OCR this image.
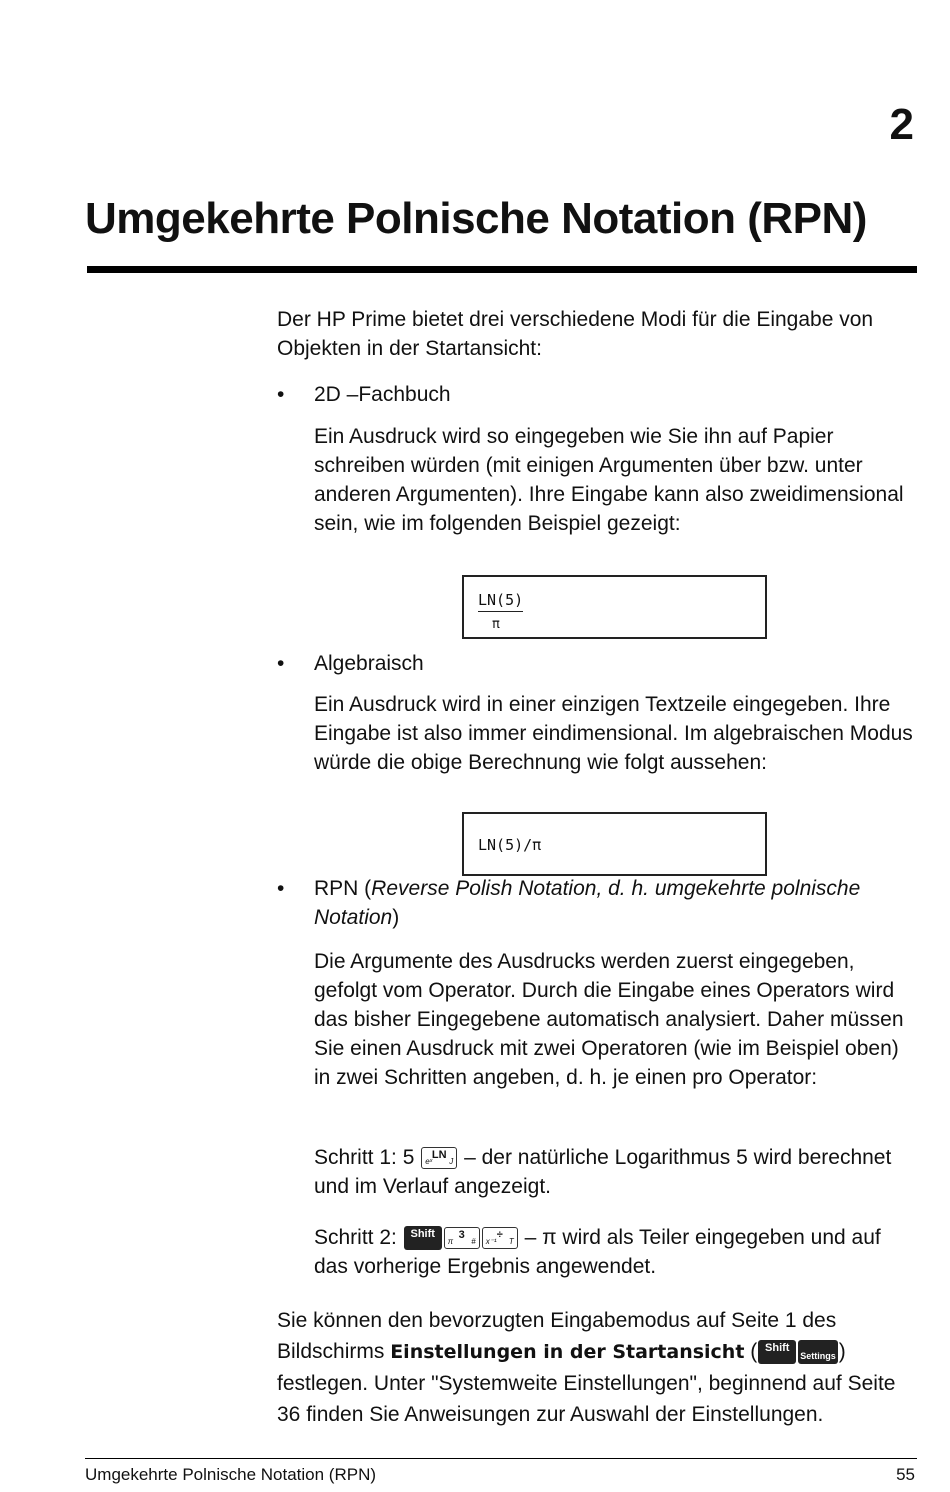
2
Umgekehrte Polnische Notation (RPN)

Der HP Prime bietet drei verschiedene Modi für die Eingabe von Objekten in der Startansicht:

• 2D –Fachbuch

Ein Ausdruck wird so eingegeben wie Sie ihn auf Papier schreiben würden (mit einigen Argumenten über bzw. unter anderen Argumenten). Ihre Eingabe kann also zweidimensional sein, wie im folgenden Beispiel gezeigt:

$\frac{LN(5)}{\pi}$
• Algebraisch

Ein Ausdruck wird in einer einzigen Textzeile eingegeben. Ihre Eingabe ist also immer eindimensional. Im algebraischen Modus würde die obige Berechnung wie folgt aussehen:

LN(5)/π
• RPN (Reverse Polish Notation, d. h. umgekehrte polnische Notation)

Die Argumente des Ausdrucks werden zuerst eingegeben, gefolgt vom Operator. Durch die Eingabe eines Operators wird das bisher Eingegebene automatisch analysiert. Daher müssen Sie einen Ausdruck mit zwei Operatoren (wie im Beispiel oben) in zwei Schritten angeben, d. h. je einen pro Operator:

Schritt 1: 5	LN
eˣ J – der natürliche Logarithmus 5 wird berechnet und im Verlauf angezeigt.
Schritt 2: Shift	3
π #
÷
x⁻¹ T – π wird als Teiler eingegeben und auf das vorherige Ergebnis angewendet.

Sie können den bevorzugten Eingabemodus auf Seite 1 des Bildschirms Einstellungen in der Startansicht ( ShiftSettings ) festlegen. Unter "Systemweite Einstellungen", beginnend auf Seite 36 finden Sie Anweisungen zur Auswahl der Einstellungen.

Umgekehrte Polnische Notation (RPN)	55
